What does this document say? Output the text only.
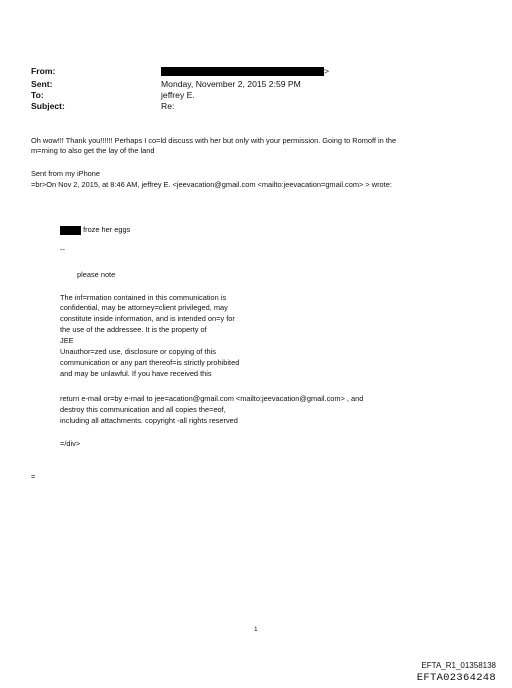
From:	>
Sent:	Monday, November 2, 2015 2:59 PM
To:	jeffrey E.
Subject:	Re:
Oh wow!!! Thank you!!!!!! Perhaps I co=ld discuss with her but only with your permission. Going to Romoff in the
m=rning to also get the lay of the land
Sent from my iPhone
=br>On Nov 2, 2015, at 8:46 AM, jeffrey E. <jeevacation@gmail.com <mailto:jeevacation=gmail.com> > wrote:
froze her eggs
--
please note
The inf=rmation contained in this communication is
confidential, may be attorney=client privileged, may
constitute inside information, and is intended on=y for
the use of the addressee. It is the property of
JEE
Unauthor=zed use, disclosure or copying of this
communication or any part thereof=is strictly prohibited
and may be unlawful. If you have received this
return e-mail or=by e-mail to jee=acation@gmail.com <mailto:jeevacation@gmail.com> , and
destroy this communication and all copies the=eof,
including all attachments. copyright -all rights reserved
=/div>
=
1
EFTA_R1_01358138
EFTA02364248
